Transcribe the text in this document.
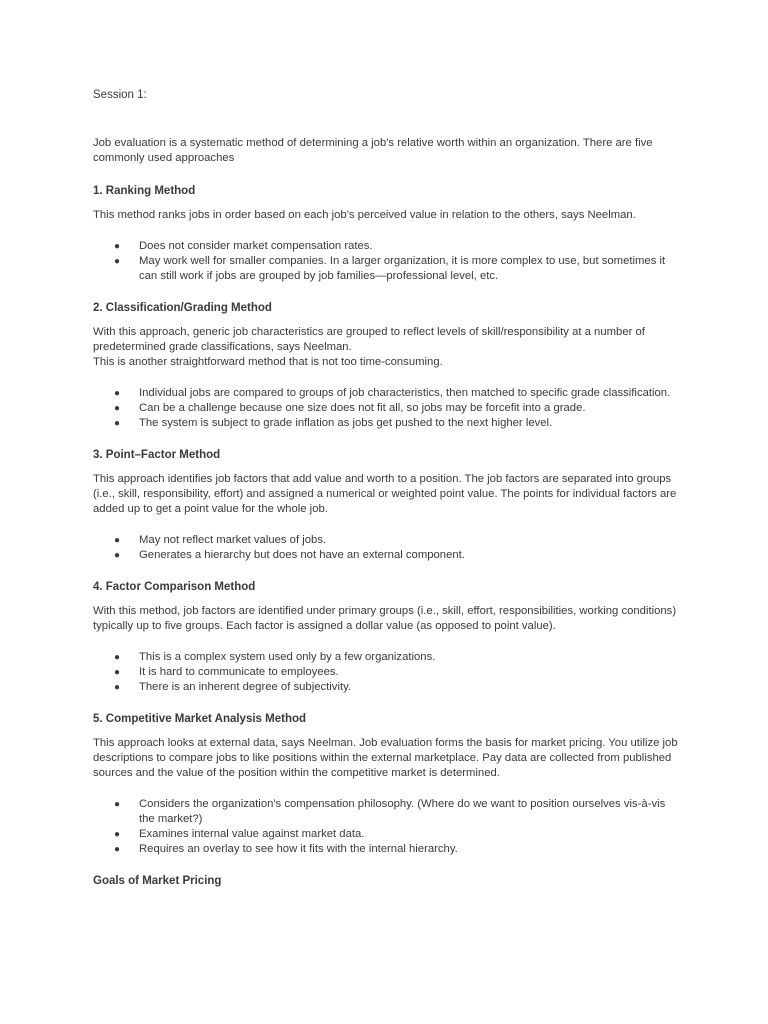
Session 1:

Job evaluation is a systematic method of determining a job's relative worth within an organization. There are five commonly used approaches

1. Ranking Method

This method ranks jobs in order based on each job's perceived value in relation to the others, says Neelman.

● Does not consider market compensation rates.
● May work well for smaller companies. In a larger organization, it is more complex to use, but sometimes it can still work if jobs are grouped by job families—professional level, etc.

2. Classification/Grading Method

With this approach, generic job characteristics are grouped to reflect levels of skill/responsibility at a number of predetermined grade classifications, says Neelman.
This is another straightforward method that is not too time-consuming.

● Individual jobs are compared to groups of job characteristics, then matched to specific grade classification.
● Can be a challenge because one size does not fit all, so jobs may be forcefit into a grade.
● The system is subject to grade inflation as jobs get pushed to the next higher level.

3. Point–Factor Method

This approach identifies job factors that add value and worth to a position. The job factors are separated into groups (i.e., skill, responsibility, effort) and assigned a numerical or weighted point value. The points for individual factors are added up to get a point value for the whole job.

● May not reflect market values of jobs.
● Generates a hierarchy but does not have an external component.

4. Factor Comparison Method

With this method, job factors are identified under primary groups (i.e., skill, effort, responsibilities, working conditions) typically up to five groups. Each factor is assigned a dollar value (as opposed to point value).

● This is a complex system used only by a few organizations.
● It is hard to communicate to employees.
● There is an inherent degree of subjectivity.

5. Competitive Market Analysis Method

This approach looks at external data, says Neelman. Job evaluation forms the basis for market pricing. You utilize job descriptions to compare jobs to like positions within the external marketplace. Pay data are collected from published sources and the value of the position within the competitive market is determined.

● Considers the organization's compensation philosophy. (Where do we want to position ourselves vis-à-vis the market?)
● Examines internal value against market data.
● Requires an overlay to see how it fits with the internal hierarchy.

Goals of Market Pricing
